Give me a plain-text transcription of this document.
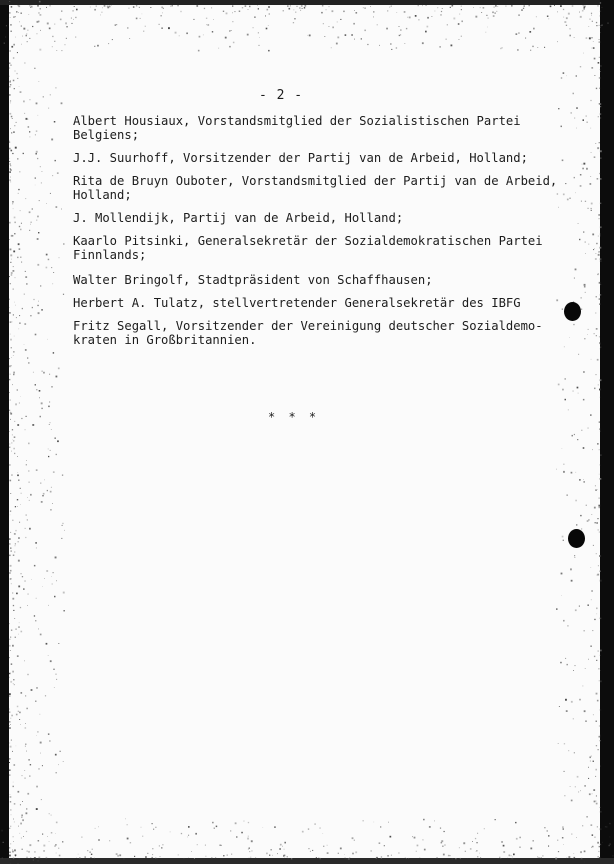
- 2 -

Albert Housiaux, Vorstandsmitglied der Sozialistischen Partei
Belgiens;

J.J. Suurhoff, Vorsitzender der Partij van de Arbeid, Holland;

Rita de Bruyn Ouboter, Vorstandsmitglied der Partij van de Arbeid,
Holland;

J. Mollendijk, Partij van de Arbeid, Holland;

Kaarlo Pitsinki, Generalsekretär der Sozialdemokratischen Partei
Finnlands;

Walter Bringolf, Stadtpräsident von Schaffhausen;

Herbert A. Tulatz, stellvertretender Generalsekretär des IBFG

Fritz Segall, Vorsitzender der Vereinigung deutscher Sozialdemo-
kraten in Großbritannien.

* * *
